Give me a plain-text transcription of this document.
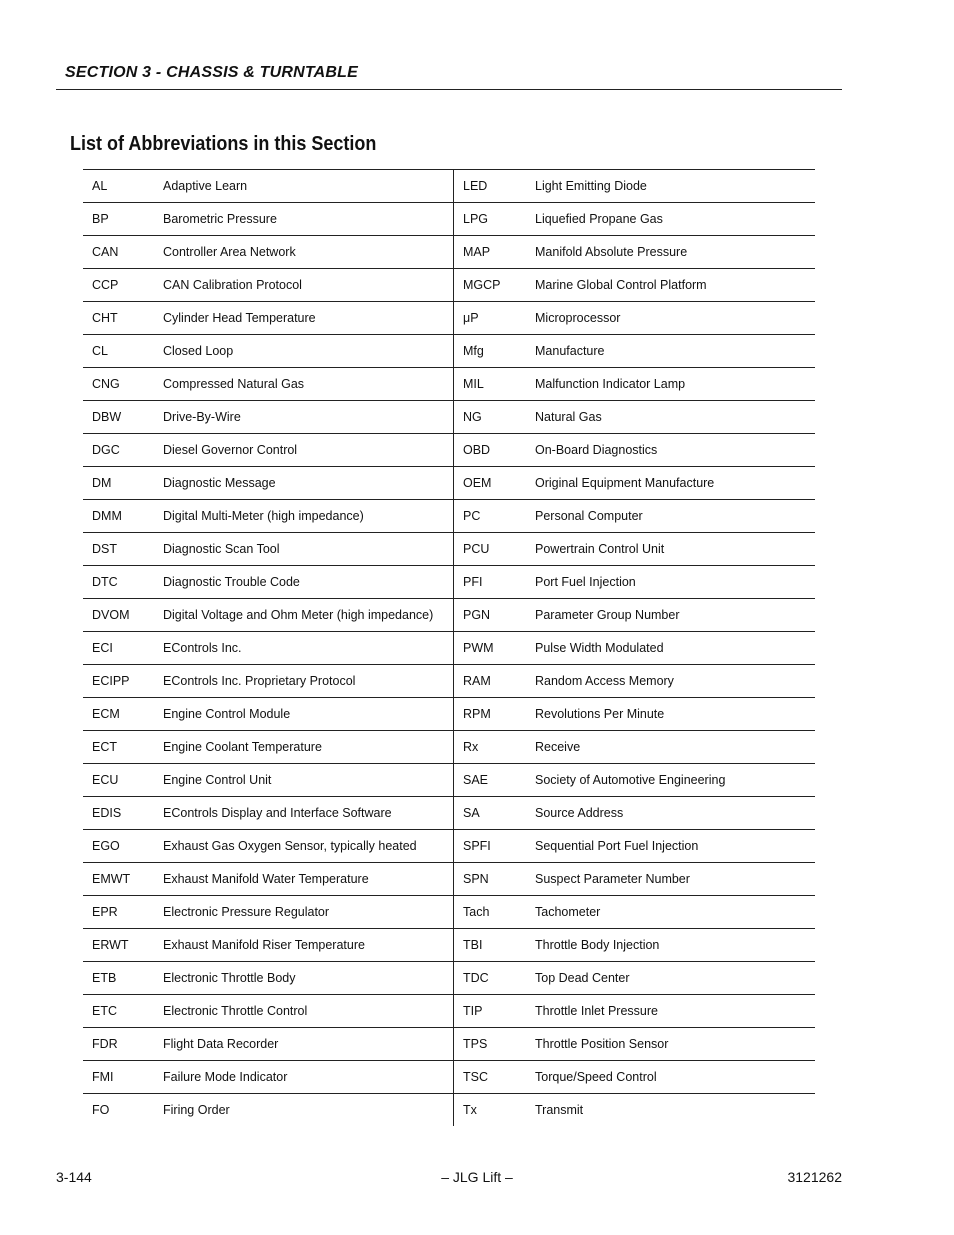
SECTION 3 - CHASSIS & TURNTABLE
List of Abbreviations in this Section
AL	Adaptive Learn	LED	Light Emitting Diode
BP	Barometric Pressure	LPG	Liquefied Propane Gas
CAN	Controller Area Network	MAP	Manifold Absolute Pressure
CCP	CAN Calibration Protocol	MGCP	Marine Global Control Platform
CHT	Cylinder Head Temperature	μP	Microprocessor
CL	Closed Loop	Mfg	Manufacture
CNG	Compressed Natural Gas	MIL	Malfunction Indicator Lamp
DBW	Drive-By-Wire	NG	Natural Gas
DGC	Diesel Governor Control	OBD	On-Board Diagnostics
DM	Diagnostic Message	OEM	Original Equipment Manufacture
DMM	Digital Multi-Meter (high impedance)	PC	Personal Computer
DST	Diagnostic Scan Tool	PCU	Powertrain Control Unit
DTC	Diagnostic Trouble Code	PFI	Port Fuel Injection
DVOM	Digital Voltage and Ohm Meter (high impedance)	PGN	Parameter Group Number
ECI	EControls Inc.	PWM	Pulse Width Modulated
ECIPP	EControls Inc. Proprietary Protocol	RAM	Random Access Memory
ECM	Engine Control Module	RPM	Revolutions Per Minute
ECT	Engine Coolant Temperature	Rx	Receive
ECU	Engine Control Unit	SAE	Society of Automotive Engineering
EDIS	EControls Display and Interface Software	SA	Source Address
EGO	Exhaust Gas Oxygen Sensor, typically heated	SPFI	Sequential Port Fuel Injection
EMWT	Exhaust Manifold Water Temperature	SPN	Suspect Parameter Number
EPR	Electronic Pressure Regulator	Tach	Tachometer
ERWT	Exhaust Manifold Riser Temperature	TBI	Throttle Body Injection
ETB	Electronic Throttle Body	TDC	Top Dead Center
ETC	Electronic Throttle Control	TIP	Throttle Inlet Pressure
FDR	Flight Data Recorder	TPS	Throttle Position Sensor
FMI	Failure Mode Indicator	TSC	Torque/Speed Control
FO	Firing Order	Tx	Transmit
3-144	– JLG Lift –	3121262
